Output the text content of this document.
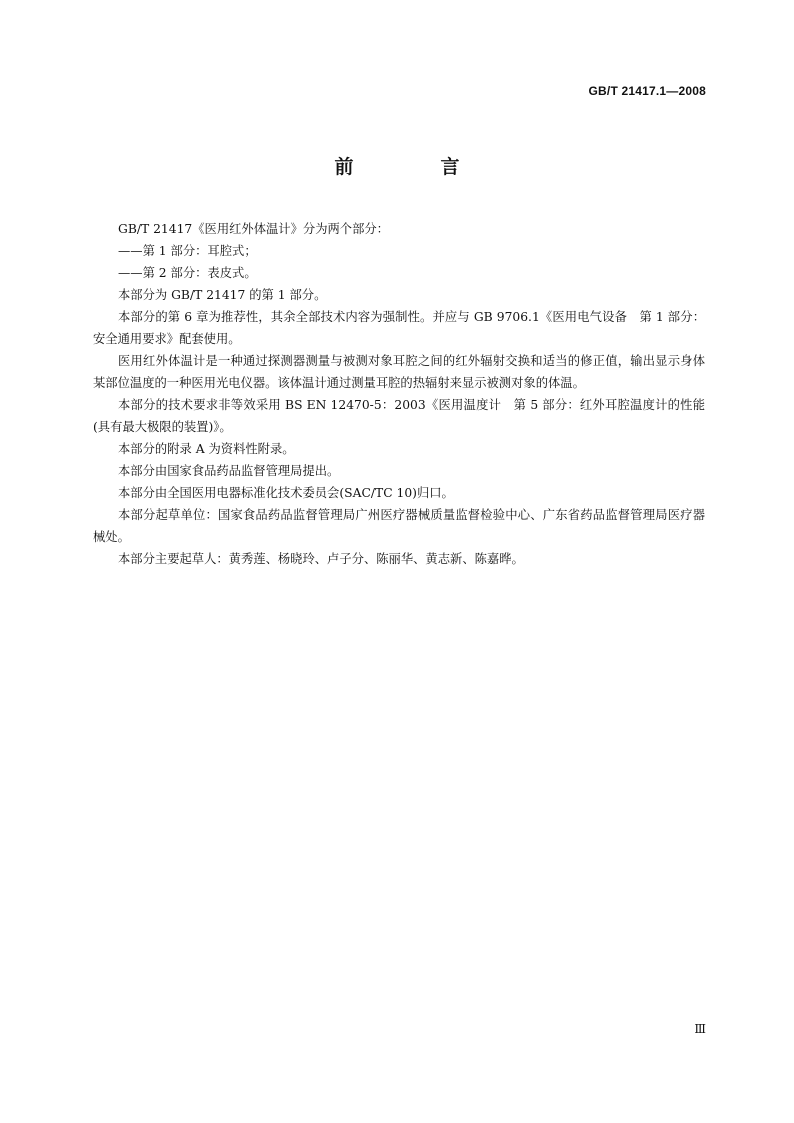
GB/T 21417.1—2008
前　言

GB/T 21417《医用红外体温计》分为两个部分：

——第 1 部分：耳腔式；

——第 2 部分：表皮式。

本部分为 GB/T 21417 的第 1 部分。

本部分的第 6 章为推荐性，其余全部技术内容为强制性。并应与 GB 9706.1《医用电气设备　第 1 部分：安全通用要求》配套使用。

医用红外体温计是一种通过探测器测量与被测对象耳腔之间的红外辐射交换和适当的修正值，输出显示身体某部位温度的一种医用光电仪器。该体温计通过测量耳腔的热辐射来显示被测对象的体温。

本部分的技术要求非等效采用 BS EN 12470-5：2003《医用温度计　第 5 部分：红外耳腔温度计的性能(具有最大极限的装置)》。

本部分的附录 A 为资料性附录。

本部分由国家食品药品监督管理局提出。

本部分由全国医用电器标准化技术委员会(SAC/TC 10)归口。

本部分起草单位：国家食品药品监督管理局广州医疗器械质量监督检验中心、广东省药品监督管理局医疗器械处。

本部分主要起草人：黄秀莲、杨晓玲、卢子分、陈丽华、黄志新、陈嘉晔。

Ⅲ
